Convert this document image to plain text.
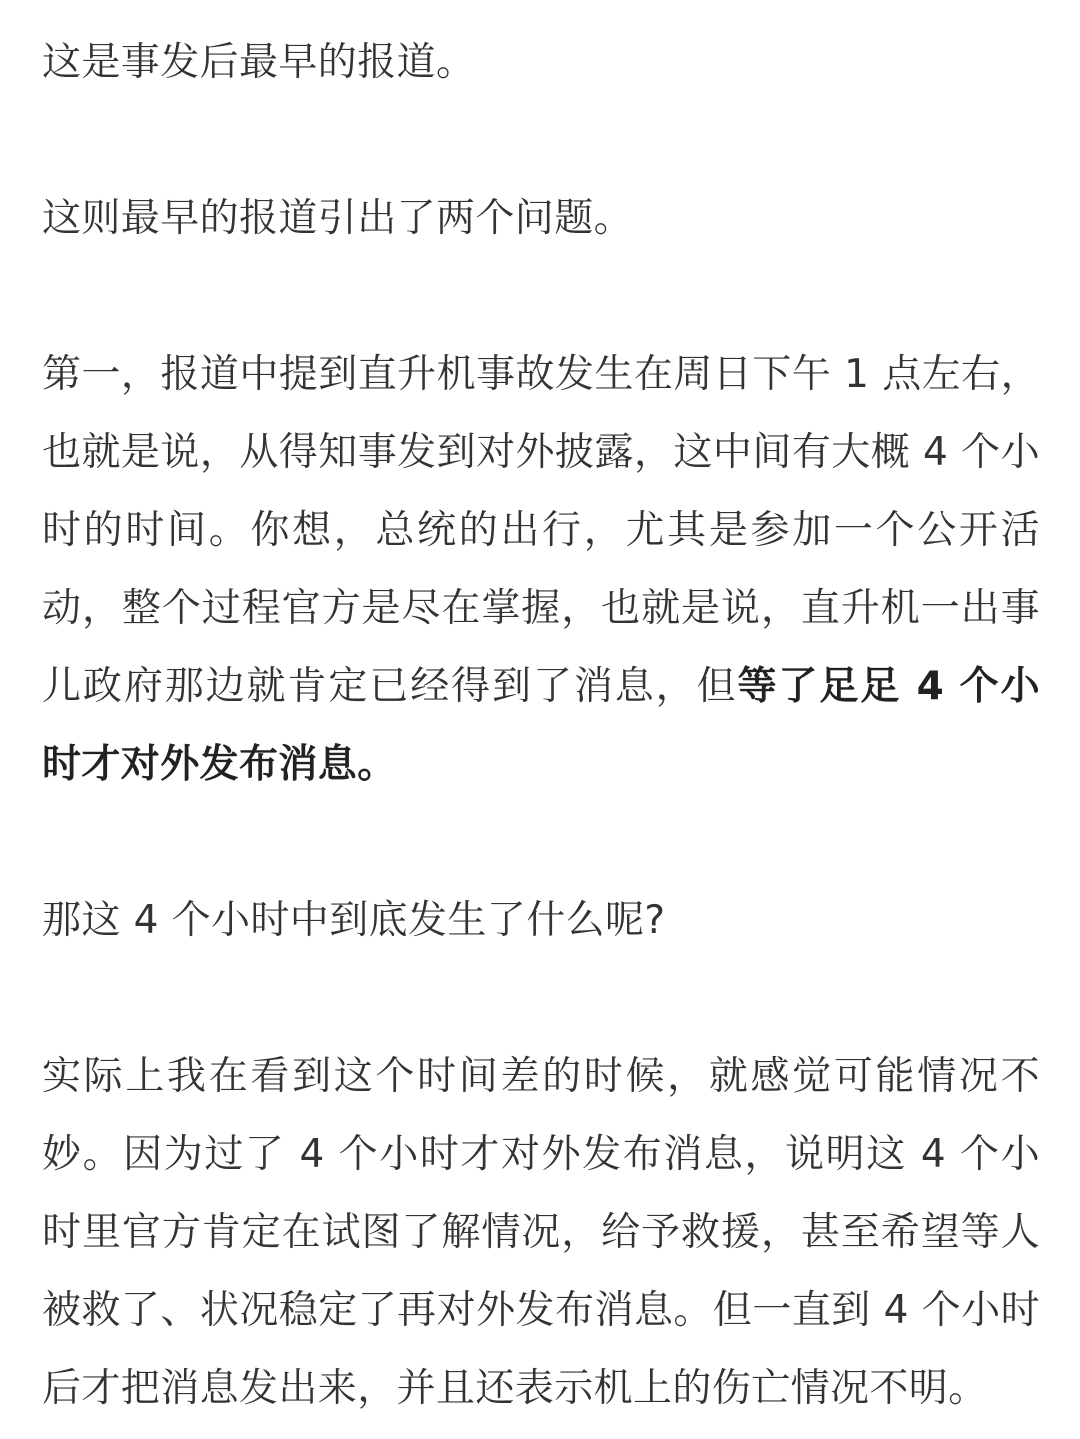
这是事发后最早的报道。

这则最早的报道引出了两个问题。

第一，报道中提到直升机事故发生在周日下午 1 点左右，也就是说，从得知事发到对外披露，这中间有大概 4 个小时的时间。你想，总统的出行，尤其是参加一个公开活动，整个过程官方是尽在掌握，也就是说，直升机一出事儿政府那边就肯定已经得到了消息，但等了足足 4 个小时才对外发布消息。

那这 4 个小时中到底发生了什么呢?

实际上我在看到这个时间差的时候，就感觉可能情况不妙。因为过了 4 个小时才对外发布消息，说明这 4 个小时里官方肯定在试图了解情况，给予救援，甚至希望等人被救了、状况稳定了再对外发布消息。但一直到 4 个小时后才把消息发出来，并且还表示机上的伤亡情况不明。
